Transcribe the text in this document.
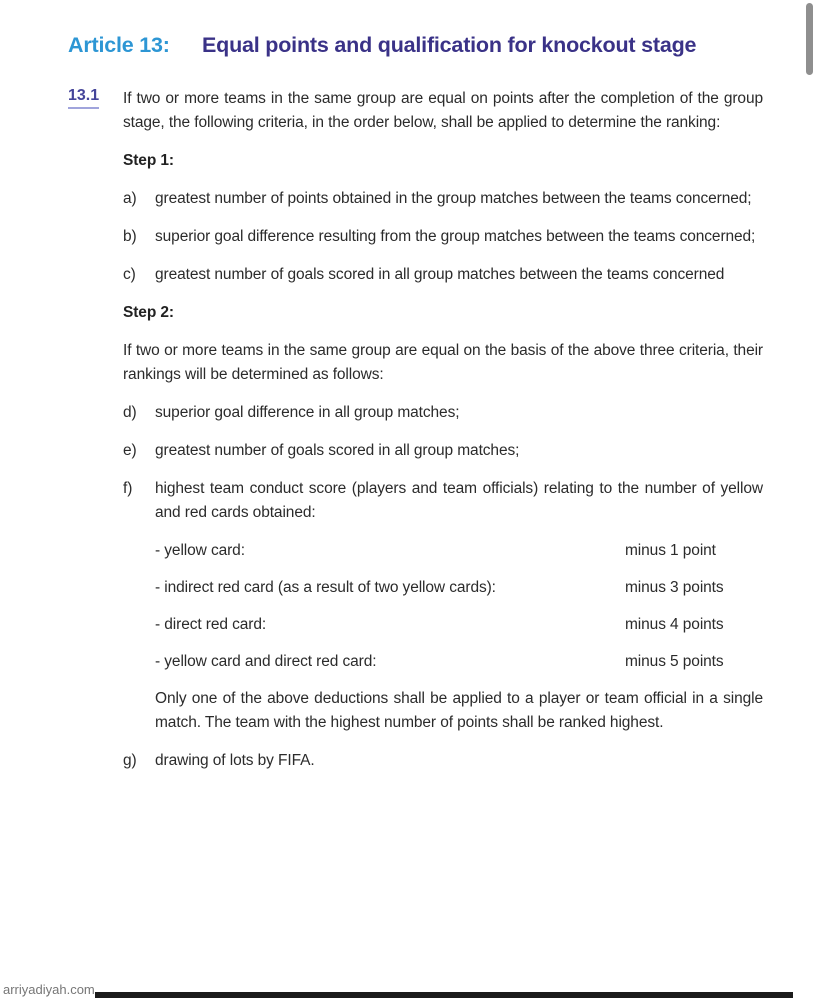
Article 13:	Equal points and qualification for knockout stage
13.1	If two or more teams in the same group are equal on points after the completion of the group stage, the following criteria, in the order below, shall be applied to determine the ranking:

Step 1:
a)	greatest number of points obtained in the group matches between the teams concerned;

b)	superior goal difference resulting from the group matches between the teams concerned;

c)	greatest number of goals scored in all group matches between the teams concerned

Step 2:

If two or more teams in the same group are equal on the basis of the above three criteria, their rankings will be determined as follows:

d)	superior goal difference in all group matches;

e)	greatest number of goals scored in all group matches;

f)	highest team conduct score (players and team officials) relating to the number of yellow and red cards obtained:

- yellow card:	minus 1 point
- indirect red card (as a result of two yellow cards):	minus 3 points
- direct red card:	minus 4 points
- yellow card and direct red card:	minus 5 points

Only one of the above deductions shall be applied to a player or team official in a single match. The team with the highest number of points shall be ranked highest.

g)	drawing of lots by FIFA.

arriyadiyah.com
